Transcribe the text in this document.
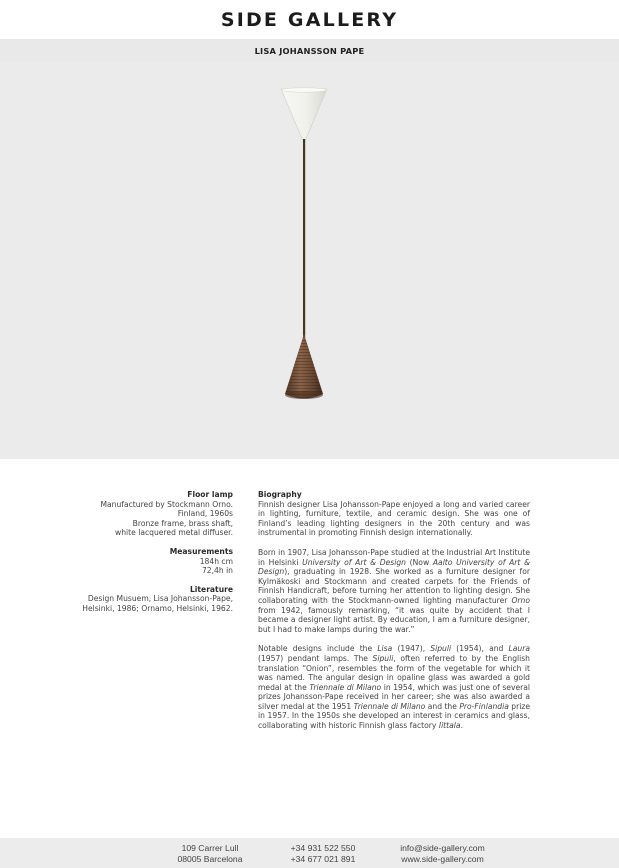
SIDE GALLERY
LISA JOHANSSON PAPE
Floor lamp
Manufactured by Stockmann Orno.
Finland, 1960s
Bronze frame, brass shaft,
white lacquered metal diffuser.
Measurements
184h cm
72,4h in
Literature
Design Musuem, Lisa Johansson-Pape,
Helsinki, 1986; Ornamo, Helsinki, 1962.
Biography

Finnish designer Lisa Johansson-Pape enjoyed a long and varied career in lighting, furniture, textile, and ceramic design. She was one of Finland’s leading lighting designers in the 20th century and was instrumental in promoting Finnish design internationally.

Born in 1907, Lisa Johansson-Pape studied at the Industrial Art Institute in Helsinki University of Art & Design (Now Aalto University of Art & Design), graduating in 1928. She worked as a furniture designer for Kylmäkoski and Stockmann and created carpets for the Friends of Finnish Handicraft, before turning her attention to lighting design. She collaborating with the Stockmann-owned lighting manufacturer Orno from 1942, famously remarking, “it was quite by accident that I became a designer light artist. By education, I am a furniture designer, but I had to make lamps during the war.”

Notable designs include the Lisa (1947), Sipuli (1954), and Laura (1957) pendant lamps. The Sipuli, often referred to by the English translation “Onion”, resembles the form of the vegetable for which it was named. The angular design in opaline glass was awarded a gold medal at the Triennale di Milano in 1954, which was just one of several prizes Johansson-Pape received in her career; she was also awarded a silver medal at the 1951 Triennale di Milano and the Pro-Finlandia prize in 1957. In the 1950s she developed an interest in ceramics and glass, collaborating with historic Finnish glass factory Iittala.

109 Carrer Lull
08005 Barcelona
+34 931 522 550
+34 677 021 891
info@side-gallery.com
www.side-gallery.com
